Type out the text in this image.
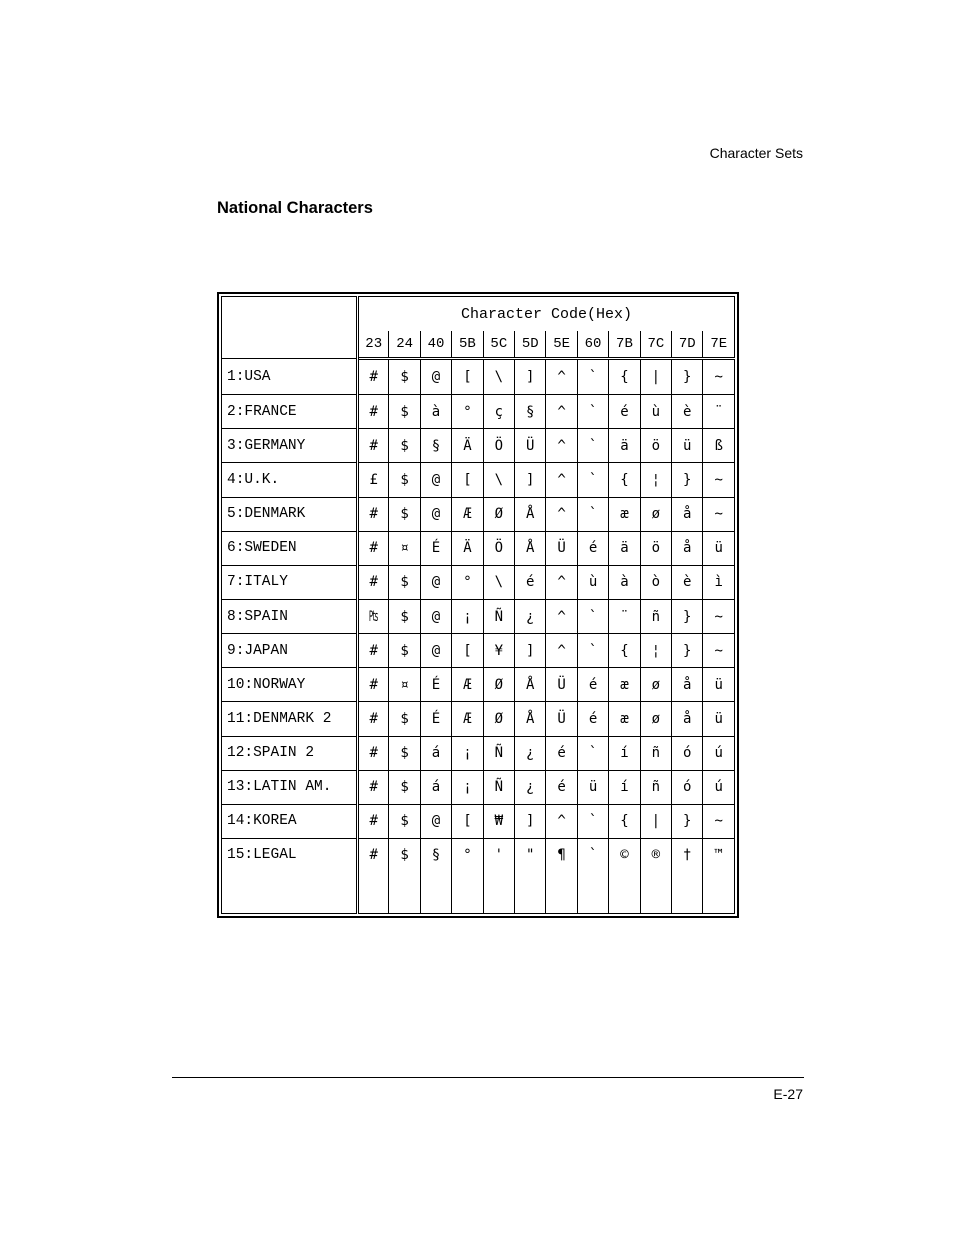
Character Sets
National Characters
	Character Code(Hex)											
	23	24	40	5B	5C	5D	5E	60	7B	7C	7D	7E
1:USA	#	$	@	[	\	]	^	`	{	|	}	~
2:FRANCE	#	$	à	°	ç	§	^	`	é	ù	è	¨
3:GERMANY	#	$	§	Ä	Ö	Ü	^	`	ä	ö	ü	ß
4:U.K.	£	$	@	[	\	]	^	`	{	¦	}	~
5:DENMARK	#	$	@	Æ	Ø	Å	^	`	æ	ø	å	~
6:SWEDEN	#	¤	É	Ä	Ö	Å	Ü	é	ä	ö	å	ü
7:ITALY	#	$	@	°	\	é	^	ù	à	ò	è	ì
8:SPAIN	₧	$	@	¡	Ñ	¿	^	`	¨	ñ	}	~
9:JAPAN	#	$	@	[	¥	]	^	`	{	¦	}	~
10:NORWAY	#	¤	É	Æ	Ø	Å	Ü	é	æ	ø	å	ü
11:DENMARK 2	#	$	É	Æ	Ø	Å	Ü	é	æ	ø	å	ü
12:SPAIN 2	#	$	á	¡	Ñ	¿	é	`	í	ñ	ó	ú
13:LATIN AM.	#	$	á	¡	Ñ	¿	é	ü	í	ñ	ó	ú
14:KOREA	#	$	@	[	₩	]	^	`	{	|	}	~
15:LEGAL	#	$	§	°	'	"	¶	`	©	®	†	™
E-27
